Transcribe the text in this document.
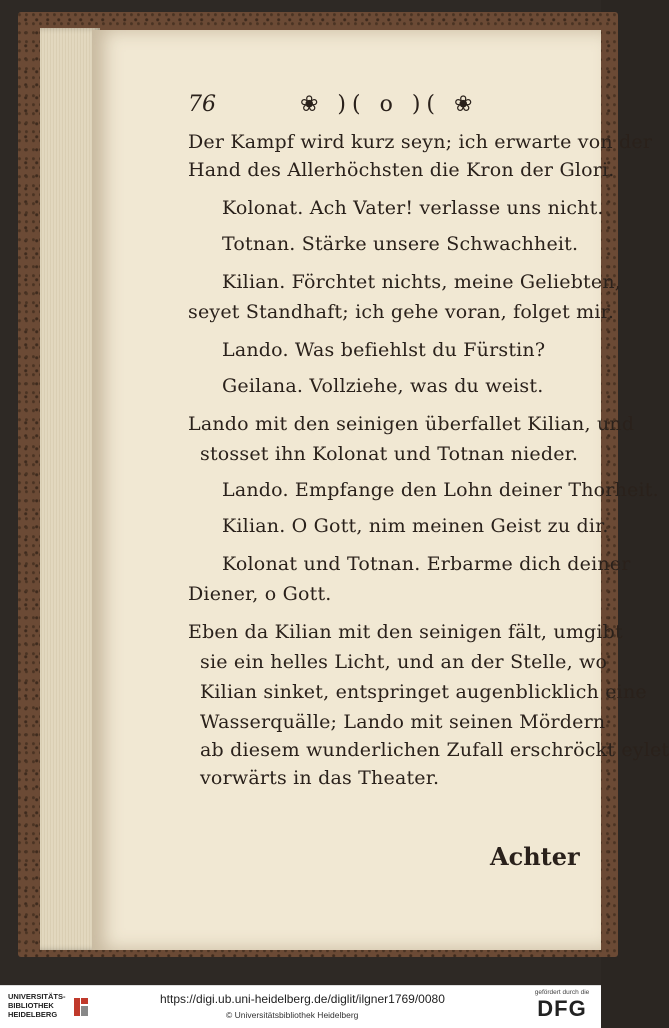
76	❀ )( o )( ❀
Der Kampf wird kurz seyn; ich erwarte von der
Hand des Allerhöchsten die Kron der Glori.
Kolonat. Ach Vater! verlasse uns nicht.
Totnan. Stärke unsere Schwachheit.
Kilian. Förchtet nichts, meine Geliebten,
seyet Standhaft; ich gehe voran, folget mir.
Lando. Was befiehlst du Fürstin?
Geilana. Vollziehe, was du weist.
Lando mit den seinigen überfallet Kilian, und
stosset ihn Kolonat und Totnan nieder.
Lando. Empfange den Lohn deiner Thorheit.
Kilian. O Gott, nim meinen Geist zu dir.
Kolonat und Totnan. Erbarme dich deiner
Diener, o Gott.
Eben da Kilian mit den seinigen fält, umgibt
sie ein helles Licht, und an der Stelle, wo
Kilian sinket, entspringet augenblicklich eine
Wasserquälle; Lando mit seinen Mördern
ab diesem wunderlichen Zufall erschröckt eylet
vorwärts in das Theater.
Achter
UNIVERSITÄTS-
BIBLIOTHEK
HEIDELBERG
https://digi.ub.uni-heidelberg.de/diglit/ilgner1769/0080
© Universitätsbibliothek Heidelberg
gefördert durch die
DFG
